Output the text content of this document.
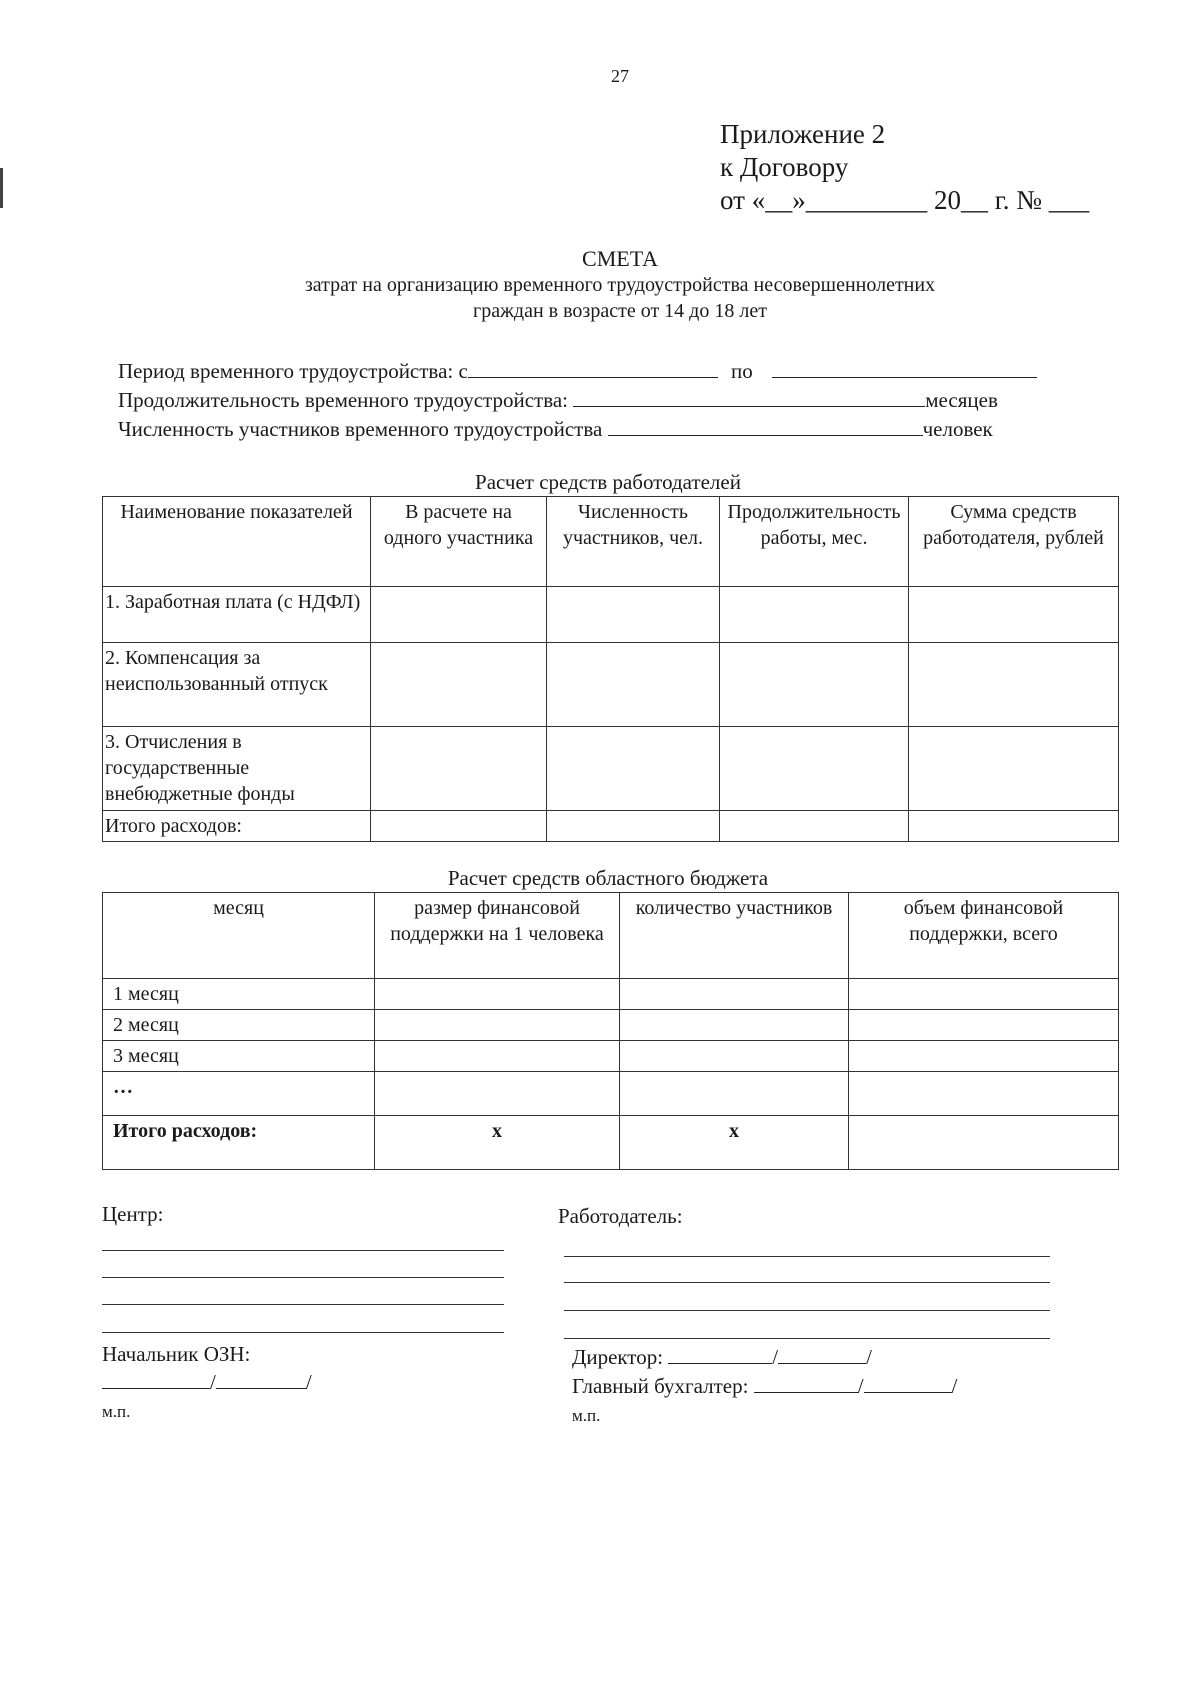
27
Приложение 2
к Договору
от «__»_________ 20__ г. № ___
СМЕТА
затрат на организацию временного трудоустройства несовершеннолетних
граждан в возрасте от 14 до 18 лет
Период временного трудоустройства: с	по
Продолжительность временного трудоустройства:	месяцев
Численность участников временного трудоустройства	человек
Расчет средств работодателей
Наименование показателей	В расчете на одного участника	Численность участников, чел.	Продолжительность работы, мес.	Сумма средств работодателя, рублей
1. Заработная плата (с НДФЛ)				
2. Компенсация за неиспользованный отпуск				
3. Отчисления в государственные внебюджетные фонды				
Итого расходов:				
Расчет средств областного бюджета
месяц	размер финансовой поддержки на 1 человека	количество участников	объем финансовой поддержки, всего
1 месяц			
2 месяц			
3 месяц			
…			
Итого расходов:	х	х	
Центр:
Начальник ОЗН:
/	/
м.п.
Работодатель:
Директор:	/	/
Главный бухгалтер:	/	/
м.п.
